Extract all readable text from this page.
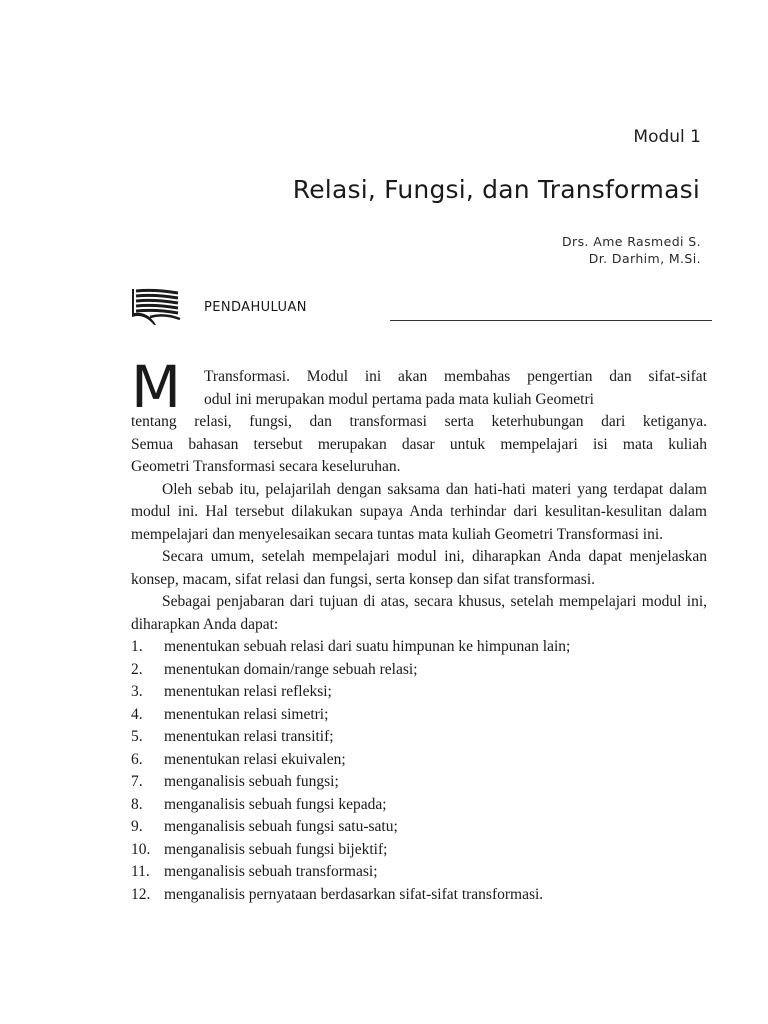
Modul 1
Relasi, Fungsi, dan Transformasi
Drs. Ame Rasmedi S.
Dr. Darhim, M.Si.
PENDAHULUAN
M	Transformasi. Modul ini akan membahas pengertian dan sifat-sifat
odul ini merupakan modul pertama pada mata kuliah Geometri
tentang relasi, fungsi, dan transformasi serta keterhubungan dari ketiganya.
Semua bahasan tersebut merupakan dasar untuk mempelajari isi mata kuliah
Geometri Transformasi secara keseluruhan.

Oleh sebab itu, pelajarilah dengan saksama dan hati-hati materi yang terdapat dalam modul ini. Hal tersebut dilakukan supaya Anda terhindar dari kesulitan-kesulitan dalam mempelajari dan menyelesaikan secara tuntas mata kuliah Geometri Transformasi ini.

Secara umum, setelah mempelajari modul ini, diharapkan Anda dapat menjelaskan konsep, macam, sifat relasi dan fungsi, serta konsep dan sifat transformasi.

Sebagai penjabaran dari tujuan di atas, secara khusus, setelah mempelajari modul ini, diharapkan Anda dapat:

1. menentukan sebuah relasi dari suatu himpunan ke himpunan lain;
2. menentukan domain/range sebuah relasi;
3. menentukan relasi refleksi;
4. menentukan relasi simetri;
5. menentukan relasi transitif;
6. menentukan relasi ekuivalen;
7. menganalisis sebuah fungsi;
8. menganalisis sebuah fungsi kepada;
9. menganalisis sebuah fungsi satu-satu;
10. menganalisis sebuah fungsi bijektif;
11. menganalisis sebuah transformasi;
12. menganalisis pernyataan berdasarkan sifat-sifat transformasi.
